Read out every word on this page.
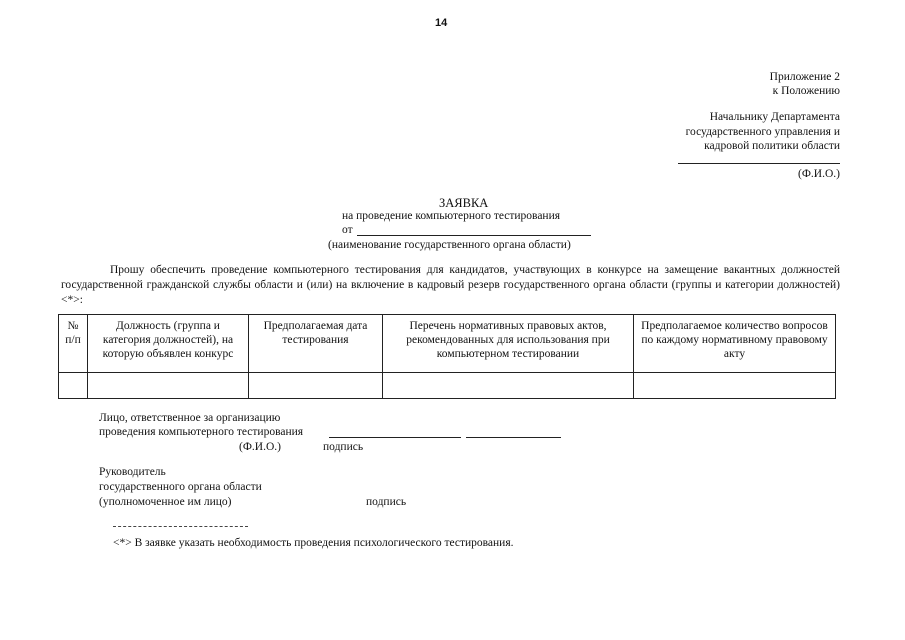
14
Приложение 2
к Положению
Начальнику Департамента
государственного управления и
кадровой политики области
(Ф.И.О.)
ЗАЯВКА
на проведение компьютерного тестирования
от
(наименование государственного органа области)

Прошу обеспечить проведение компьютерного тестирования для кандидатов, участвующих в конкурсе на замещение вакантных должностей государственной гражданской службы области и (или) на включение в кадровый резерв государственного органа области (группы и категории должностей) <*>:

№ п/п	Должность (группа и категория должностей), на которую объявлен конкурс	Предполагаемая дата тестирования	Перечень нормативных правовых актов, рекомендованных для использования при компьютерном тестировании	Предполагаемое количество вопросов по каждому нормативному правовому акту

Лицо, ответственное за организацию
проведения компьютерного тестирования
(Ф.И.О.)	подпись
Руководитель
государственного органа области
(уполномоченное им лицо)	подпись
<*> В заявке указать необходимость проведения психологического тестирования.
